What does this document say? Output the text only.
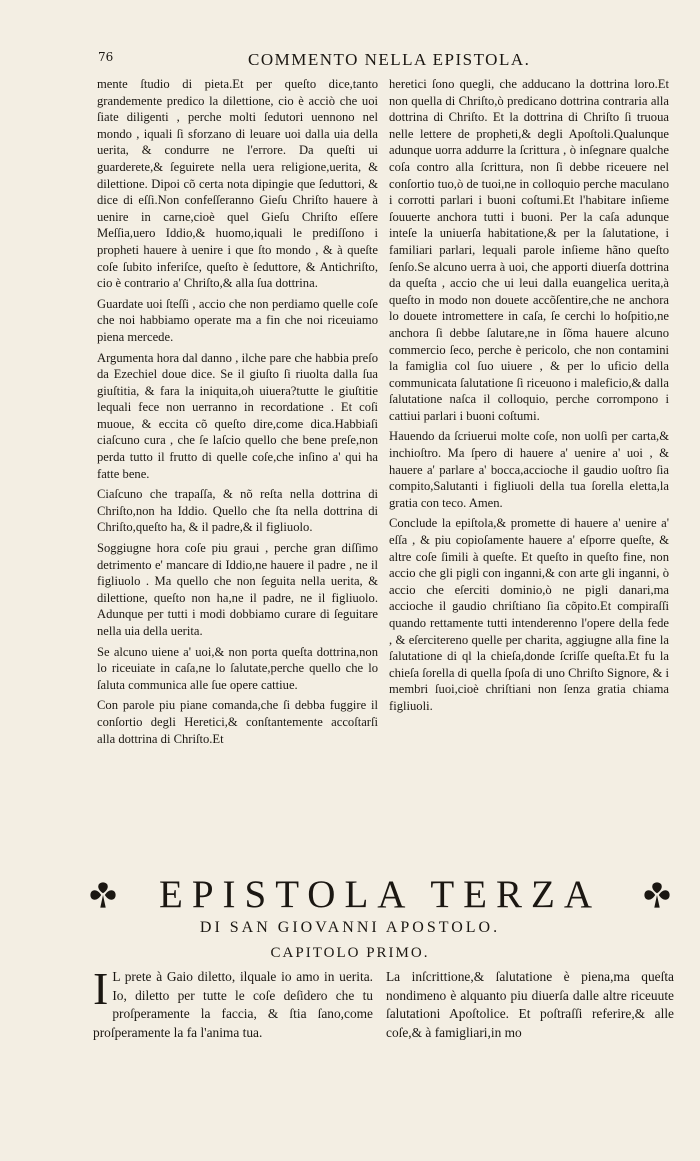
76	COMMENTO NELLA EPISTOLA.

mente ſtudio di pieta.Et per queſto dice,tanto grandemente predico la dilettione, cio è acciò che uoi ſiate diligenti , perche molti ſedutori uennono nel mondo , iquali ſi sforzano di leuare uoi dalla uia della uerita, & condurre ne l'errore. Da queſti ui guarderete,& ſeguirete nella uera religione,uerita, & dilettione. Dipoi cõ certa nota dipingie que ſeduttori, & dice di eſſi.Non confeſſeranno Gieſu Chriſto hauere à uenire in carne,cioè quel Gieſu Chriſto eſſere Meſſia,uero Iddio,& huomo,iquali le prediſſono i propheti hauere à uenire i que ſto mondo , & à queſte coſe ſubito inferiſce, queſto è ſeduttore, & Antichriſto, cio è contrario a' Chriſto,& alla ſua dottrina.

Guardate uoi ſteſſi , accio che non perdiamo quelle coſe che noi habbiamo operate ma a fin che noi riceuiamo piena mercede.

Argumenta hora dal danno , ilche pare che habbia preſo da Ezechiel doue dice. Se il giuſto ſi riuolta dalla ſua giuſtitia, & fara la iniquita,oh uiuera?tutte le giuſtitie lequali fece non uerranno in recordatione . Et coſi muoue, & eccita cõ queſto dire,come dica.Habbiaſi ciaſcuno cura , che ſe laſcio quello che bene preſe,non perda tutto il frutto di quelle coſe,che inſino a' qui ha fatte bene.

Ciaſcuno che trapaſſa, & nõ reſta nella dottrina di Chriſto,non ha Iddio. Quello che ſta nella dottrina di Chriſto,queſto ha, & il padre,& il figliuolo.

Soggiugne hora coſe piu graui , perche gran diſſimo detrimento e' mancare di Iddio,ne hauere il padre , ne il figliuolo . Ma quello che non ſeguita nella uerita, & dilettione, queſto non ha,ne il padre, ne il figliuolo. Adunque per tutti i modi dobbiamo curare di ſeguitare nella uia della uerita.

Se alcuno uiene a' uoi,& non porta queſta dottrina,non lo riceuiate in caſa,ne lo ſalutate,perche quello che lo ſaluta communica alle ſue opere cattiue.

Con parole piu piane comanda,che ſi debba fuggire il conſortio degli Heretici,& conſtantemente accoſtarſi alla dottrina di Chriſto.Et

heretici ſono quegli, che adducano la dottrina loro.Et non quella di Chriſto,ò predicano dottrina contraria alla dottrina di Chriſto. Et la dottrina di Chriſto ſi truoua nelle lettere de propheti,& degli Apoſtoli.Qualunque adunque uorra addurre la ſcrittura , ò inſegnare qualche coſa contro alla ſcrittura, non ſi debbe riceuere nel conſortio tuo,ò de tuoi,ne in colloquio perche maculano i corrotti parlari i buoni coſtumi.Et l'habitare inſieme ſouuerte anchora tutti i buoni. Per la caſa adunque inteſe la uniuerſa habitatione,& per la ſalutatione, i familiari parlari, lequali parole inſieme hãno queſto ſenſo.Se alcuno uerra à uoi, che apporti diuerſa dottrina da queſta , accio che ui leui dalla euangelica uerita,à queſto in modo non douete accõſentire,che ne anchora lo douete intromettere in caſa, ſe cerchi lo hoſpitio,ne anchora ſi debbe ſalutare,ne in ſõma hauere alcuno commercio ſeco, perche è pericolo, che non contamini la famiglia col ſuo uiuere , & per lo uficio della communicata ſalutatione ſi riceuono i maleficio,& dalla ſalutatione naſca il colloquio, perche corrompono i cattiui parlari i buoni coſtumi.

Hauendo da ſcriuerui molte coſe, non uolſi per carta,& inchioſtro. Ma ſpero di hauere a' uenire a' uoi , & hauere a' parlare a' bocca,accioche il gaudio uoſtro ſia compito,Salutanti i figliuoli della tua ſorella eletta,la gratia con teco. Amen.

Conclude la epiſtola,& promette di hauere a' uenire a' eſſa , & piu copioſamente hauere a' eſporre queſte, & altre coſe ſimili à queſte. Et queſto in queſto fine, non accio che gli pigli con inganni,& con arte gli inganni, ò accio che eſerciti dominio,ò ne pigli danari,ma accioche il gaudio chriſtiano ſia cõpito.Et compiraſſi quando rettamente tutti intenderenno l'opere della fede , & eſercitereno quelle per charita, aggiugne alla fine la ſalutatione di ql la chieſa,donde ſcriſſe queſta.Et fu la chieſa ſorella di quella ſpoſa di uno Chriſto Signore, & i membri ſuoi,cioè chriſtiani non ſenza gratia chiama figliuoli.

EPISTOLA TERZA
DI SAN GIOVANNI APOSTOLO.
CAPITOLO PRIMO.
I L prete à Gaio diletto, ilquale io amo in uerita. Io, diletto per tutte le coſe deſidero che tu proſperamente la faccia, & ſtia ſano,come proſperamente la fa l'anima tua.
La inſcrittione,& ſalutatione è piena,ma queſta nondimeno è alquanto piu diuerſa dalle altre riceuute ſalutationi Apoſtolice. Et poſtraſſi referire,& alle coſe,& à famigliari,in mo
